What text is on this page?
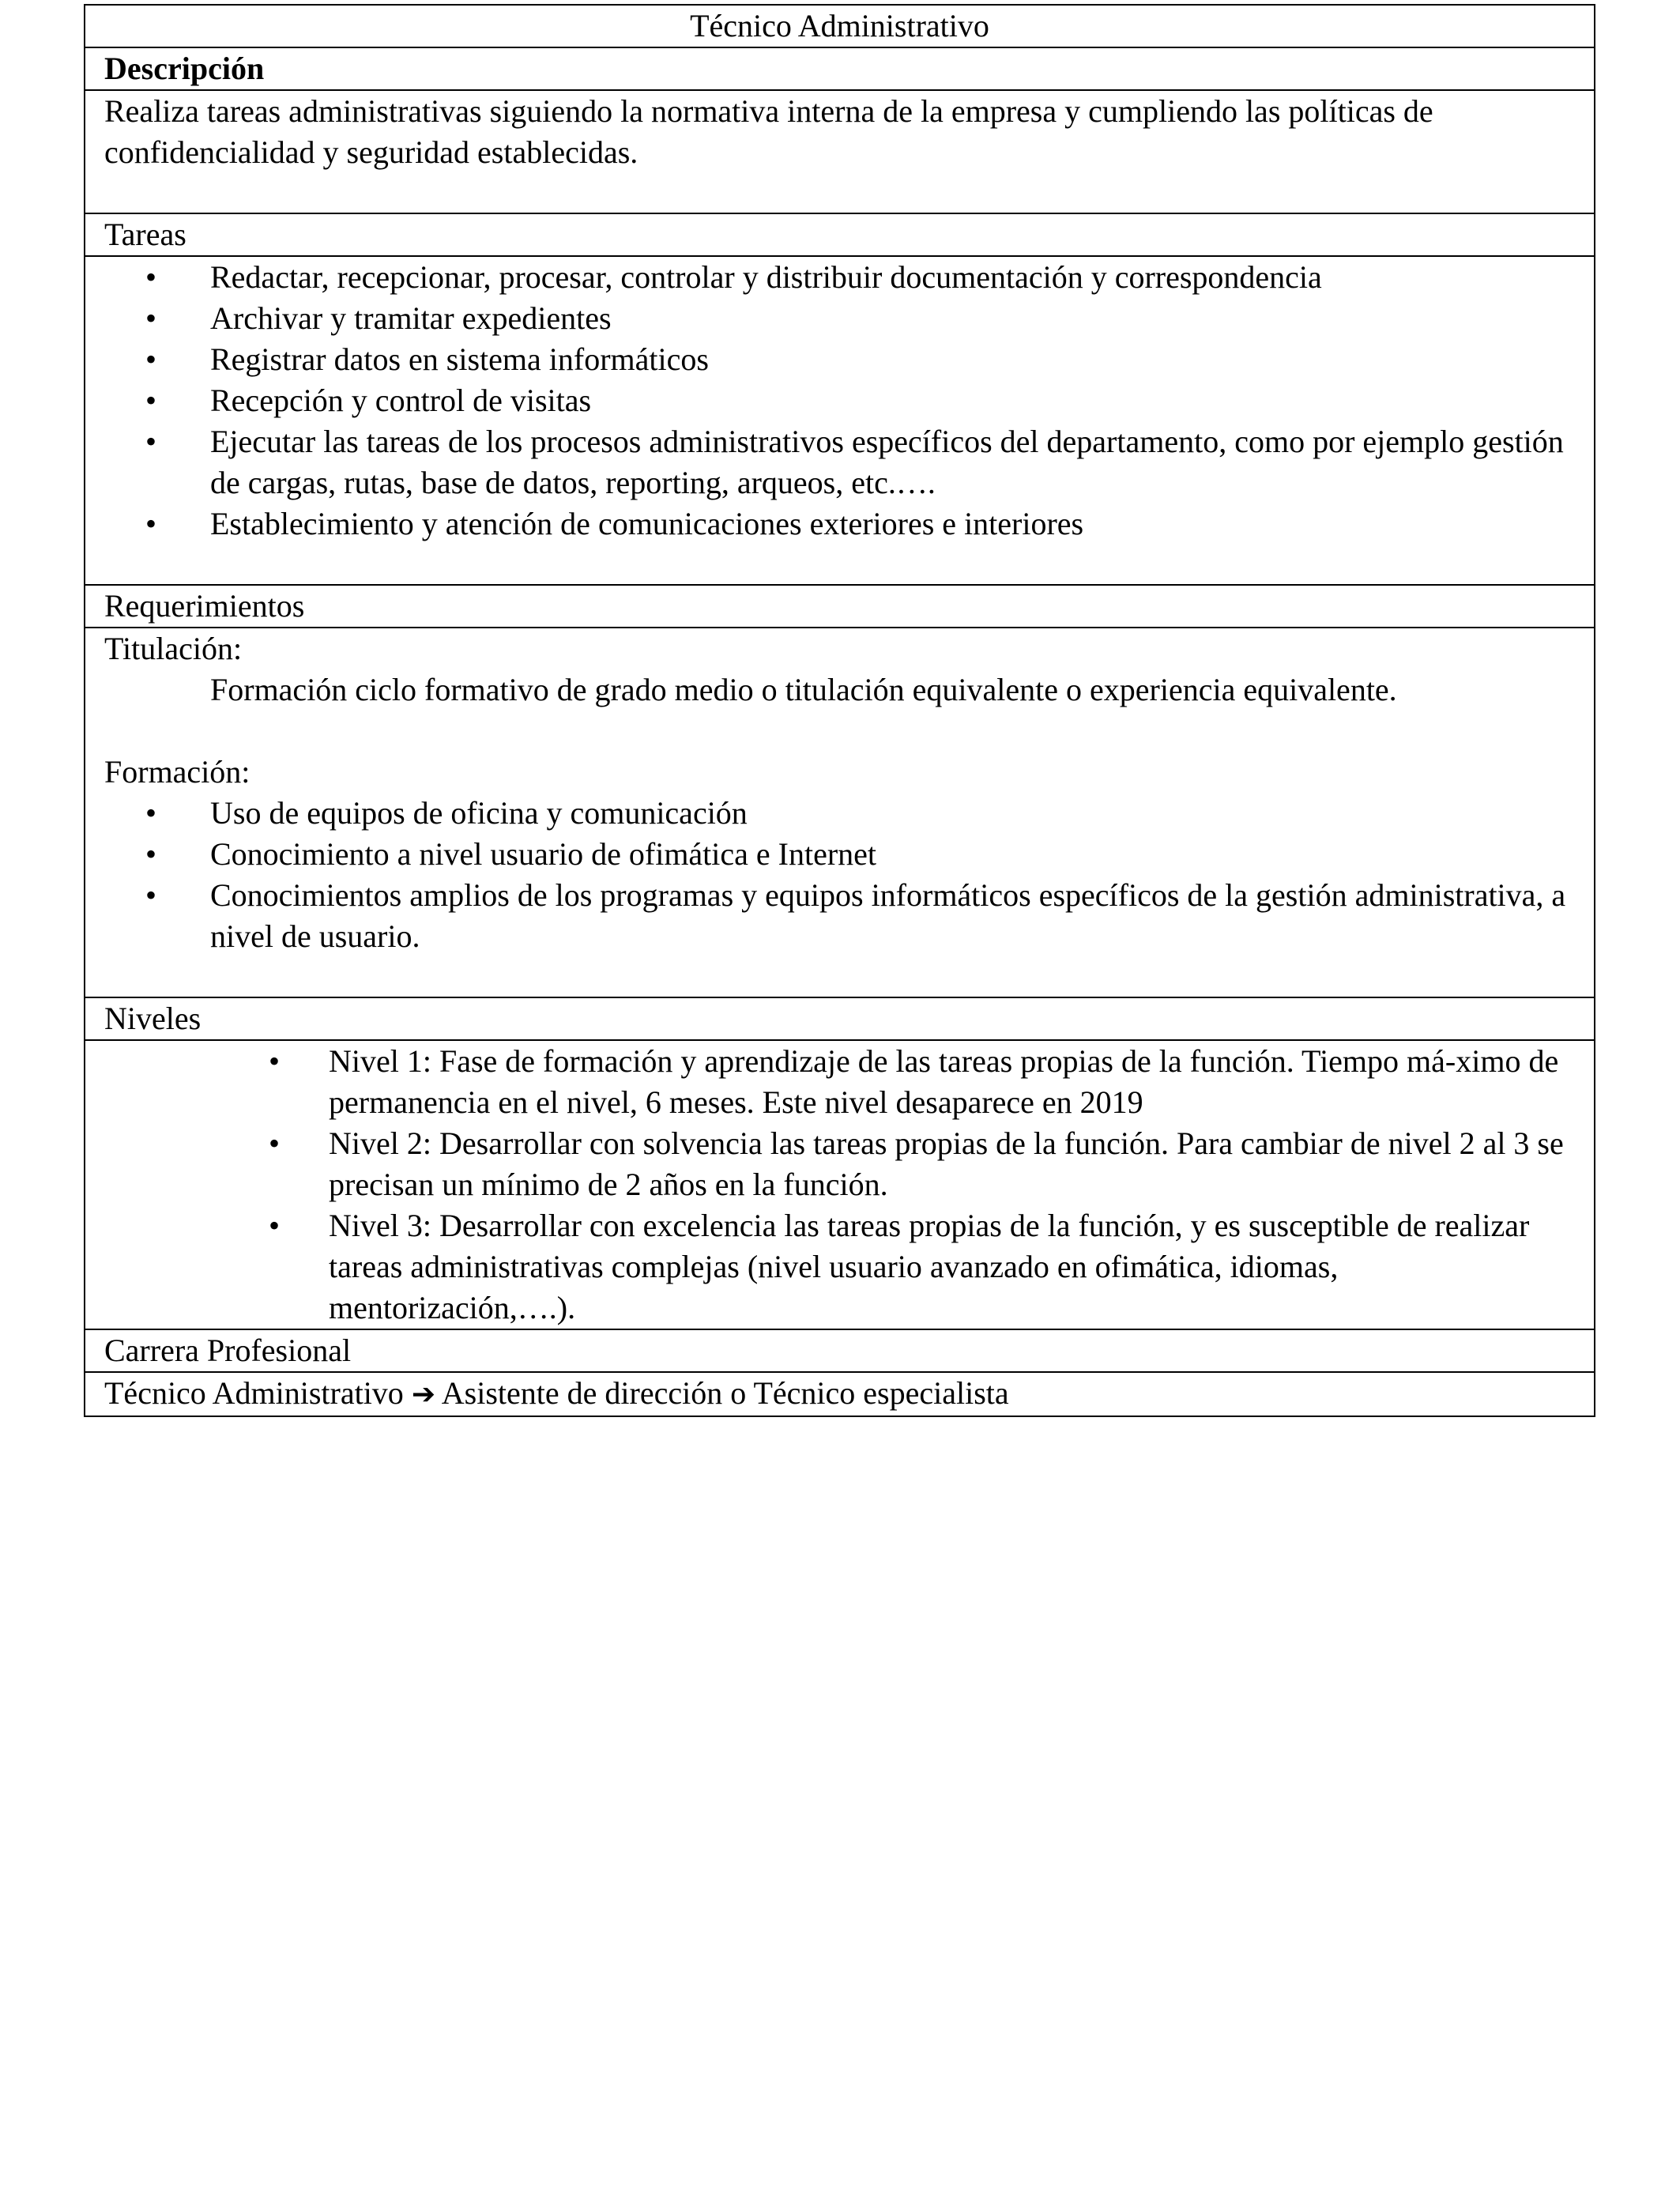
Técnico Administrativo
Descripción
Realiza tareas administrativas siguiendo la normativa interna de la empresa y cumpliendo las políticas de confidencialidad y seguridad establecidas.
Tareas
•	Redactar, recepcionar, procesar, controlar y distribuir documentación y correspondencia
•	Archivar y tramitar expedientes
•	Registrar datos en sistema informáticos
•	Recepción y control de visitas
•	Ejecutar las tareas de los procesos administrativos específicos del departamento, como por ejemplo gestión de cargas, rutas, base de datos, reporting, arqueos, etc.….
•	Establecimiento y atención de comunicaciones exteriores e interiores
Requerimientos
Titulación:
Formación ciclo formativo de grado medio o titulación equivalente o experiencia equivalente.
Formación:
•	Uso de equipos de oficina y comunicación
•	Conocimiento a nivel usuario de ofimática e Internet
•	Conocimientos amplios de los programas y equipos informáticos específicos de la gestión administrativa, a nivel de usuario.
Niveles
•	Nivel 1: Fase de formación y aprendizaje de las tareas propias de la función. Tiempo má-ximo de permanencia en el nivel, 6 meses. Este nivel desaparece en 2019
•	Nivel 2: Desarrollar con solvencia las tareas propias de la función. Para cambiar de nivel 2 al 3 se precisan un mínimo de 2 años en la función.
•	Nivel 3: Desarrollar con excelencia las tareas propias de la función, y es susceptible de realizar tareas administrativas complejas (nivel usuario avanzado en ofimática, idiomas, mentorización,….).
Carrera Profesional
Técnico Administrativo ➔ Asistente de dirección o Técnico especialista
